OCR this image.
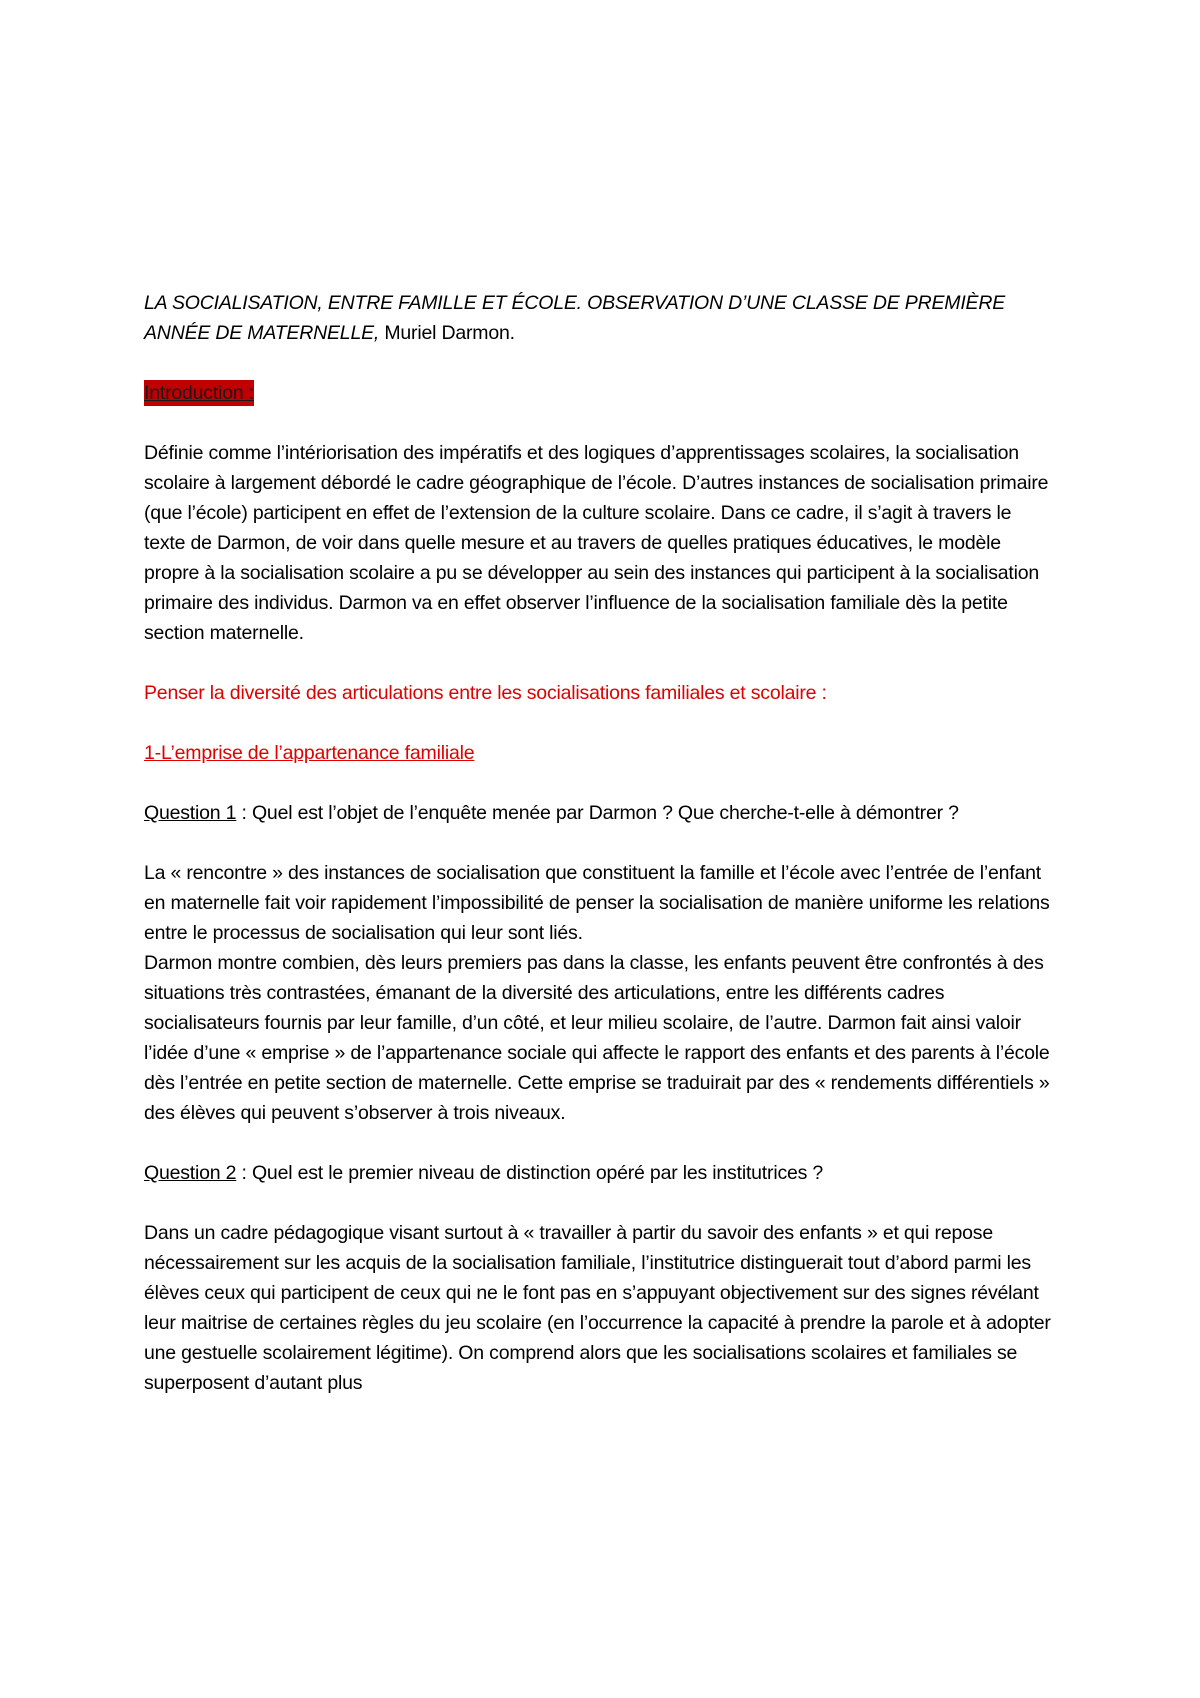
LA SOCIALISATION, ENTRE FAMILLE ET ÉCOLE. OBSERVATION D’UNE CLASSE DE PREMIÈRE ANNÉE DE MATERNELLE, Muriel Darmon.

Introduction :

Définie comme l’intériorisation des impératifs et des logiques d’apprentissages scolaires, la socialisation scolaire à largement débordé le cadre géographique de l’école. D’autres instances de socialisation primaire (que l’école) participent en effet de l’extension de la culture scolaire. Dans ce cadre, il s’agit à travers le texte de Darmon, de voir dans quelle mesure et au travers de quelles pratiques éducatives, le modèle propre à la socialisation scolaire a pu se développer au sein des instances qui participent à la socialisation primaire des individus. Darmon va en effet observer l’influence de la socialisation familiale dès la petite section maternelle.

Penser la diversité des articulations entre les socialisations familiales et scolaire :

1-L’emprise de l’appartenance familiale

Question 1 : Quel est l’objet de l’enquête menée par Darmon ? Que cherche-t-elle à démontrer ?

La « rencontre » des instances de socialisation que constituent la famille et l’école avec l’entrée de l’enfant en maternelle fait voir rapidement l’impossibilité de penser la socialisation de manière uniforme les relations entre le processus de socialisation qui leur sont liés.

Darmon montre combien, dès leurs premiers pas dans la classe, les enfants peuvent être confrontés à des situations très contrastées, émanant de la diversité des articulations, entre les différents cadres socialisateurs fournis par leur famille, d’un côté, et leur milieu scolaire, de l’autre. Darmon fait ainsi valoir l’idée d’une « emprise » de l’appartenance sociale qui affecte le rapport des enfants et des parents à l’école dès l’entrée en petite section de maternelle. Cette emprise se traduirait par des « rendements différentiels » des élèves qui peuvent s’observer à trois niveaux.

Question 2 : Quel est le premier niveau de distinction opéré par les institutrices ?

Dans un cadre pédagogique visant surtout à « travailler à partir du savoir des enfants » et qui repose nécessairement sur les acquis de la socialisation familiale, l’institutrice distinguerait tout d’abord parmi les élèves ceux qui participent de ceux qui ne le font pas en s’appuyant objectivement sur des signes révélant leur maitrise de certaines règles du jeu scolaire (en l’occurrence la capacité à prendre la parole et à adopter une gestuelle scolairement légitime). On comprend alors que les socialisations scolaires et familiales se superposent d’autant plus
